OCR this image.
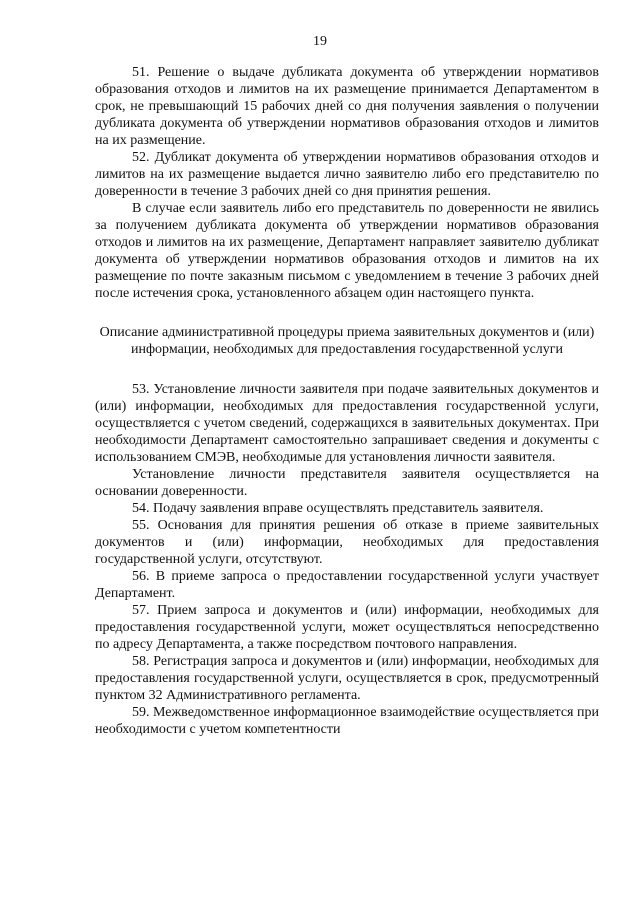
19

51. Решение о выдаче дубликата документа об утверждении нормативов образования отходов и лимитов на их размещение принимается Департаментом в срок, не превышающий 15 рабочих дней со дня получения заявления о получении дубликата документа об утверждении нормативов образования отходов и лимитов на их размещение.

52. Дубликат документа об утверждении нормативов образования отходов и лимитов на их размещение выдается лично заявителю либо его представителю по доверенности в течение 3 рабочих дней со дня принятия решения.

В случае если заявитель либо его представитель по доверенности не явились за получением дубликата документа об утверждении нормативов образования отходов и лимитов на их размещение, Департамент направляет заявителю дубликат документа об утверждении нормативов образования отходов и лимитов на их размещение по почте заказным письмом с уведомлением в течение 3 рабочих дней после истечения срока, установленного абзацем один настоящего пункта.

Описание административной процедуры приема заявительных документов и (или) информации, необходимых для предоставления государственной услуги

53. Установление личности заявителя при подаче заявительных документов и (или) информации, необходимых для предоставления государственной услуги, осуществляется с учетом сведений, содержащихся в заявительных документах. При необходимости Департамент самостоятельно запрашивает сведения и документы с использованием СМЭВ, необходимые для установления личности заявителя.

Установление личности представителя заявителя осуществляется на основании доверенности.

54. Подачу заявления вправе осуществлять представитель заявителя.

55. Основания для принятия решения об отказе в приеме заявительных документов и (или) информации, необходимых для предоставления государственной услуги, отсутствуют.

56. В приеме запроса о предоставлении государственной услуги участвует Департамент.

57. Прием запроса и документов и (или) информации, необходимых для предоставления государственной услуги, может осуществляться непосредственно по адресу Департамента, а также посредством почтового направления.

58. Регистрация запроса и документов и (или) информации, необходимых для предоставления государственной услуги, осуществляется в срок, предусмотренный пунктом 32 Административного регламента.

59. Межведомственное информационное взаимодействие осуществляется при необходимости с учетом компетентности
